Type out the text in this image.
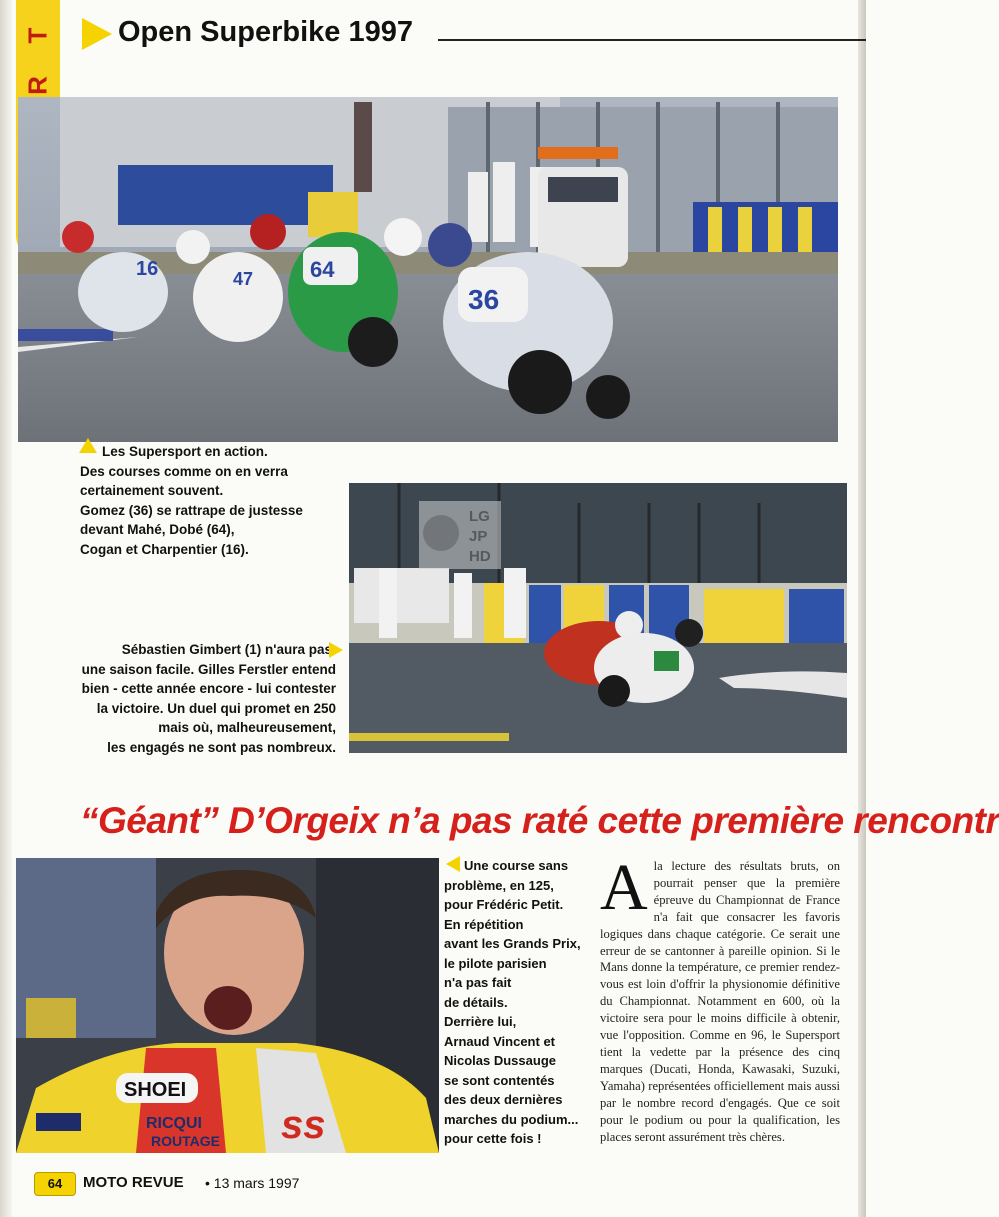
R
T Open Superbike 1997
16	47	64
36
Les Supersport en action.
Des courses comme on en verra
certainement souvent.
Gomez (36) se rattrape de justesse
devant Mahé, Dobé (64),
Cogan et Charpentier (16).
LG
JP
HD
Sébastien Gimbert (1) n'aura pas
une saison facile. Gilles Ferstler entend
bien - cette année encore - lui contester
la victoire. Un duel qui promet en 250
mais où, malheureusement,
les engagés ne sont pas nombreux.
“Géant” D’Orgeix n’a pas raté cette première rencontr
SHOEI
RICQUI
ROUTAGE ss
Une course sans
problème, en 125,
pour Frédéric Petit.
En répétition
avant les Grands Prix,
le pilote parisien
n'a pas fait
de détails.
Derrière lui,
Arnaud Vincent et
Nicolas Dussauge
se sont contentés
des deux dernières
marches du podium...
pour cette fois !
A la lecture des résultats bruts, on pourrait penser que la première épreuve du Championnat de France n'a fait que consacrer les favoris logiques dans chaque catégorie. Ce serait une erreur de se cantonner à pareille opinion. Si le Mans donne la température, ce premier rendez-vous est loin d'offrir la physionomie définitive du Championnat. Notamment en 600, où la victoire sera pour le moins difficile à obtenir, vue l'opposition. Comme en 96, le Supersport tient la vedette par la présence des cinq marques (Ducati, Honda, Kawasaki, Suzuki, Yamaha) représentées officiellement mais aussi par le nombre record d'engagés. Que ce soit pour le podium ou pour la qualification, les places seront assurément très chères.
64	MOTO REVUE • 13 mars 1997
